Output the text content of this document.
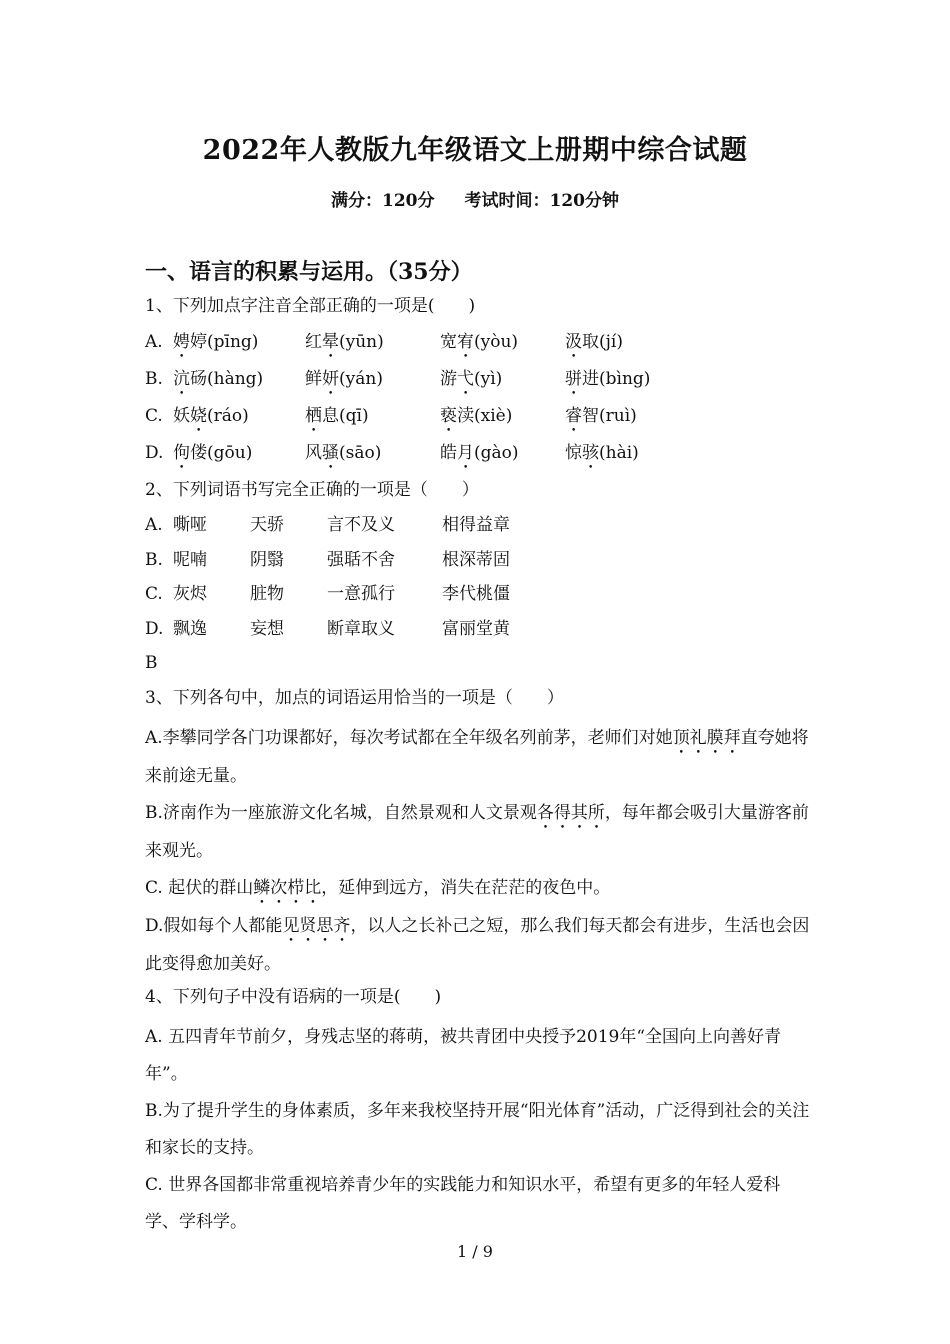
2022年人教版九年级语文上册期中综合试题
满分：120分 考试时间：120分钟
一、语言的积累与运用。（35分）
1、下列加点字注音全部正确的一项是(　　)
A. 娉婷(pīng)	红晕(yūn)	宽宥(yòu)	汲取(jí)
B. 沆砀(hàng) 鲜妍(yán)	游弋(yì)	骈进(bìng)
C. 妖娆(ráo)	栖息(qī)	亵渎(xiè)	睿智(ruì)
D. 佝偻(gōu)	风骚(sāo)	皓月(gào)	惊骇(hài)
2、下列词语书写完全正确的一项是（　　）
A. 嘶哑	天骄	言不及义	相得益章
B. 呢喃	阴翳	强聒不舍	根深蒂固
C. 灰烬	脏物	一意孤行	李代桃僵
D. 飘逸	妄想	断章取义	富丽堂黄
B
3、下列各句中，加点的词语运用恰当的一项是（　　）
A.李攀同学各门功课都好，每次考试都在全年级名列前茅，老师们对她顶礼膜拜直夸她将来前途无量。
B.济南作为一座旅游文化名城，自然景观和人文景观各得其所，每年都会吸引大量游客前来观光。
C. 起伏的群山鳞次栉比，延伸到远方，消失在茫茫的夜色中。
D.假如每个人都能见贤思齐，以人之长补己之短，那么我们每天都会有进步，生活也会因此变得愈加美好。
4、下列句子中没有语病的一项是(　　)
A. 五四青年节前夕，身残志坚的蒋萌，被共青团中央授予2019年“全国向上向善好青年”。
B.为了提升学生的身体素质，多年来我校坚持开展“阳光体育”活动，广泛得到社会的关注和家长的支持。
C. 世界各国都非常重视培养青少年的实践能力和知识水平，希望有更多的年轻人爱科学、学科学。
1 / 9
